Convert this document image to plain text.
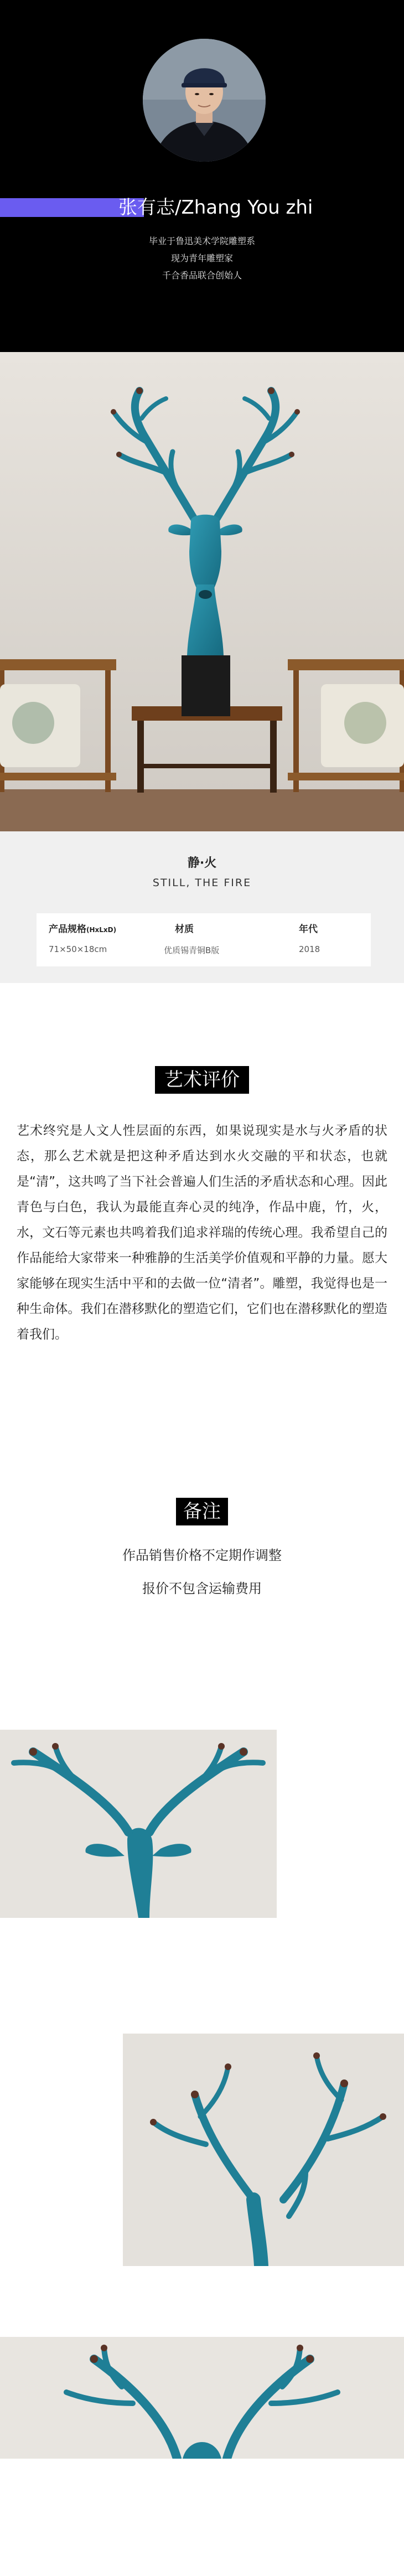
张有志/Zhang You zhi
毕业于鲁迅美术学院雕塑系
现为青年雕塑家
千合香品联合创始人
静·火
STILL, THE FIRE
产品规格(HxLxD)
71×50×18cm
材质
优质锡青铜B版
年代
2018
艺术评价

艺术终究是人文人性层面的东西，如果说现实是水与火矛盾的状态，那么艺术就是把这种矛盾达到水火交融的平和状态，也就是“清”，这共鸣了当下社会普遍人们生活的矛盾状态和心理。因此青色与白色，我认为最能直奔心灵的纯净，作品中鹿，竹，火，水，文石等元素也共鸣着我们追求祥瑞的传统心理。我希望自己的作品能给大家带来一种雅静的生活美学价值观和平静的力量。愿大家能够在现实生活中平和的去做一位“清者”。雕塑，我觉得也是一种生命体。我们在潜移默化的塑造它们，它们也在潜移默化的塑造着我们。

备注
作品销售价格不定期作调整
报价不包含运输费用
